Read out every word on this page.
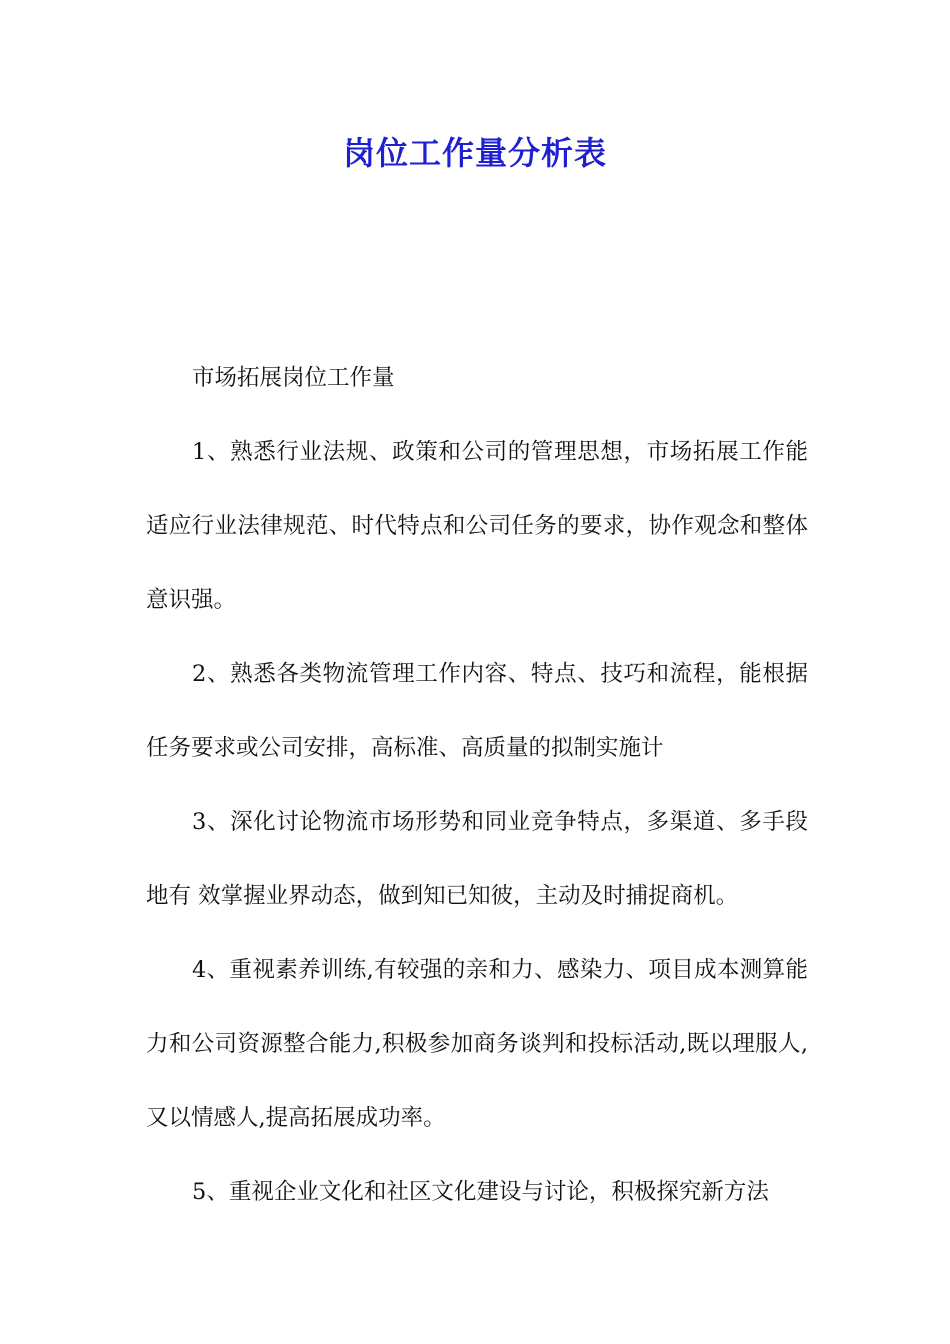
岗位工作量分析表

市场拓展岗位工作量

1、熟悉行业法规、政策和公司的管理思想，市场拓展工作能适应行业法律规范、时代特点和公司任务的要求，协作观念和整体意识强。

2、熟悉各类物流管理工作内容、特点、技巧和流程，能根据任务要求或公司安排，高标准、高质量的拟制实施计

3、深化讨论物流市场形势和同业竞争特点，多渠道、多手段地有 效掌握业界动态，做到知已知彼，主动及时捕捉商机。

4、重视素养训练,有较强的亲和力、感染力、项目成本测算能力和公司资源整合能力,积极参加商务谈判和投标活动,既以理服人,又以情感人,提高拓展成功率。

5、重视企业文化和社区文化建设与讨论，积极探究新方法
